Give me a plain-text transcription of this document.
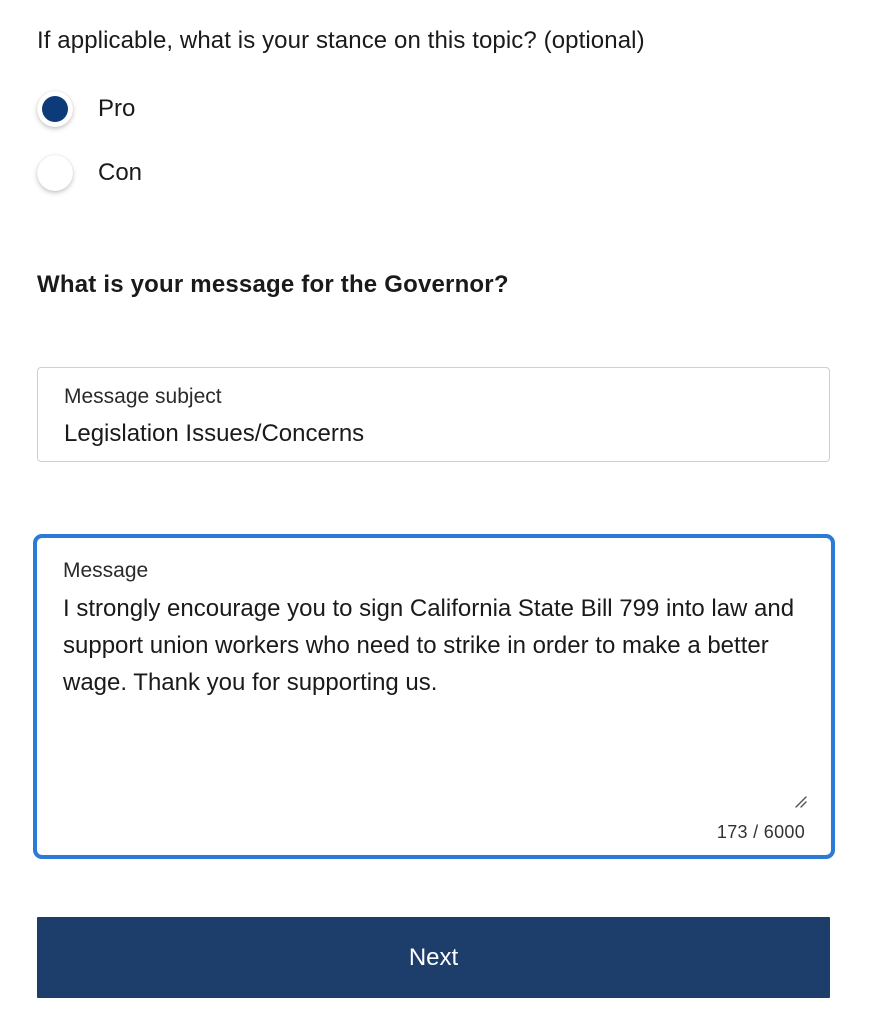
If applicable, what is your stance on this topic? (optional)
Pro
Con
What is your message for the Governor?
Message subject
Legislation Issues/Concerns
Message
I strongly encourage you to sign California State Bill 799 into law and support union workers who need to strike in order to make a better wage. Thank you for supporting us.
173 / 6000
Next
